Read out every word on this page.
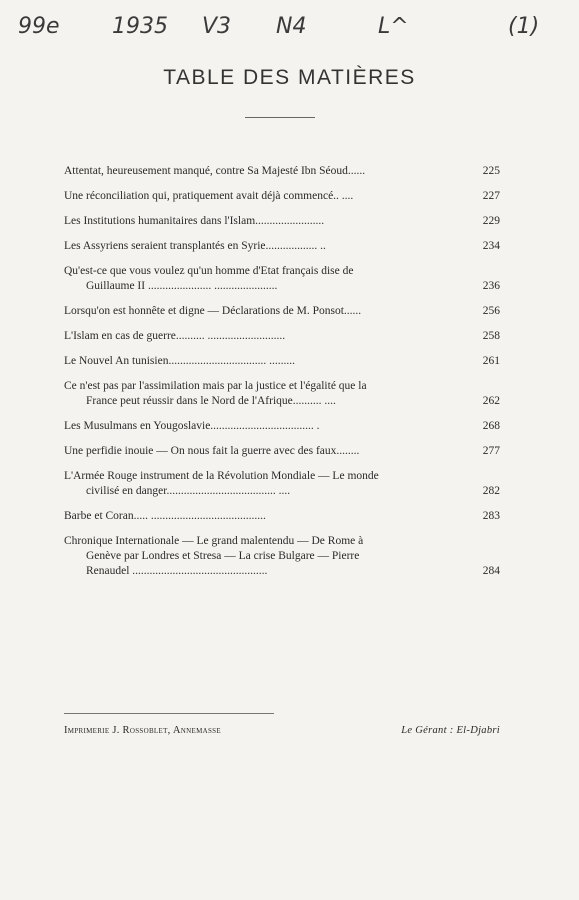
99e 1935 V3 N4	L^	(1)
TABLE DES MATIÈRES
Attentat, heureusement manqué, contre Sa Majesté Ibn Séoud......	225
Une réconciliation qui, pratiquement avait déjà commencé.. ....	227
Les Institutions humanitaires dans l'Islam........................	229
Les Assyriens seraient transplantés en Syrie.................. ..	234
Qu'est-ce que vous voulez qu'un homme d'Etat français dise de
Guillaume II ...................... ......................	236
Lorsqu'on est honnête et digne — Déclarations de M. Ponsot......	256
L'Islam en cas de guerre.......... ...........................	258
Le Nouvel An tunisien.................................. .........	261
Ce n'est pas par l'assimilation mais par la justice et l'égalité que la
France peut réussir dans le Nord de l'Afrique.......... ....	262
Les Musulmans en Yougoslavie.................................... .	268
Une perfidie inouie — On nous fait la guerre avec des faux........	277
L'Armée Rouge instrument de la Révolution Mondiale — Le monde
civilisé en danger...................................... ....	282
Barbe et Coran..... ........................................	283
Chronique Internationale — Le grand malentendu — De Rome à
Genève par Londres et Stresa — La crise Bulgare — Pierre
Renaudel ...............................................	284
Imprimerie J. Rossoblet, Annemasse	Le Gérant : El-Djabri
